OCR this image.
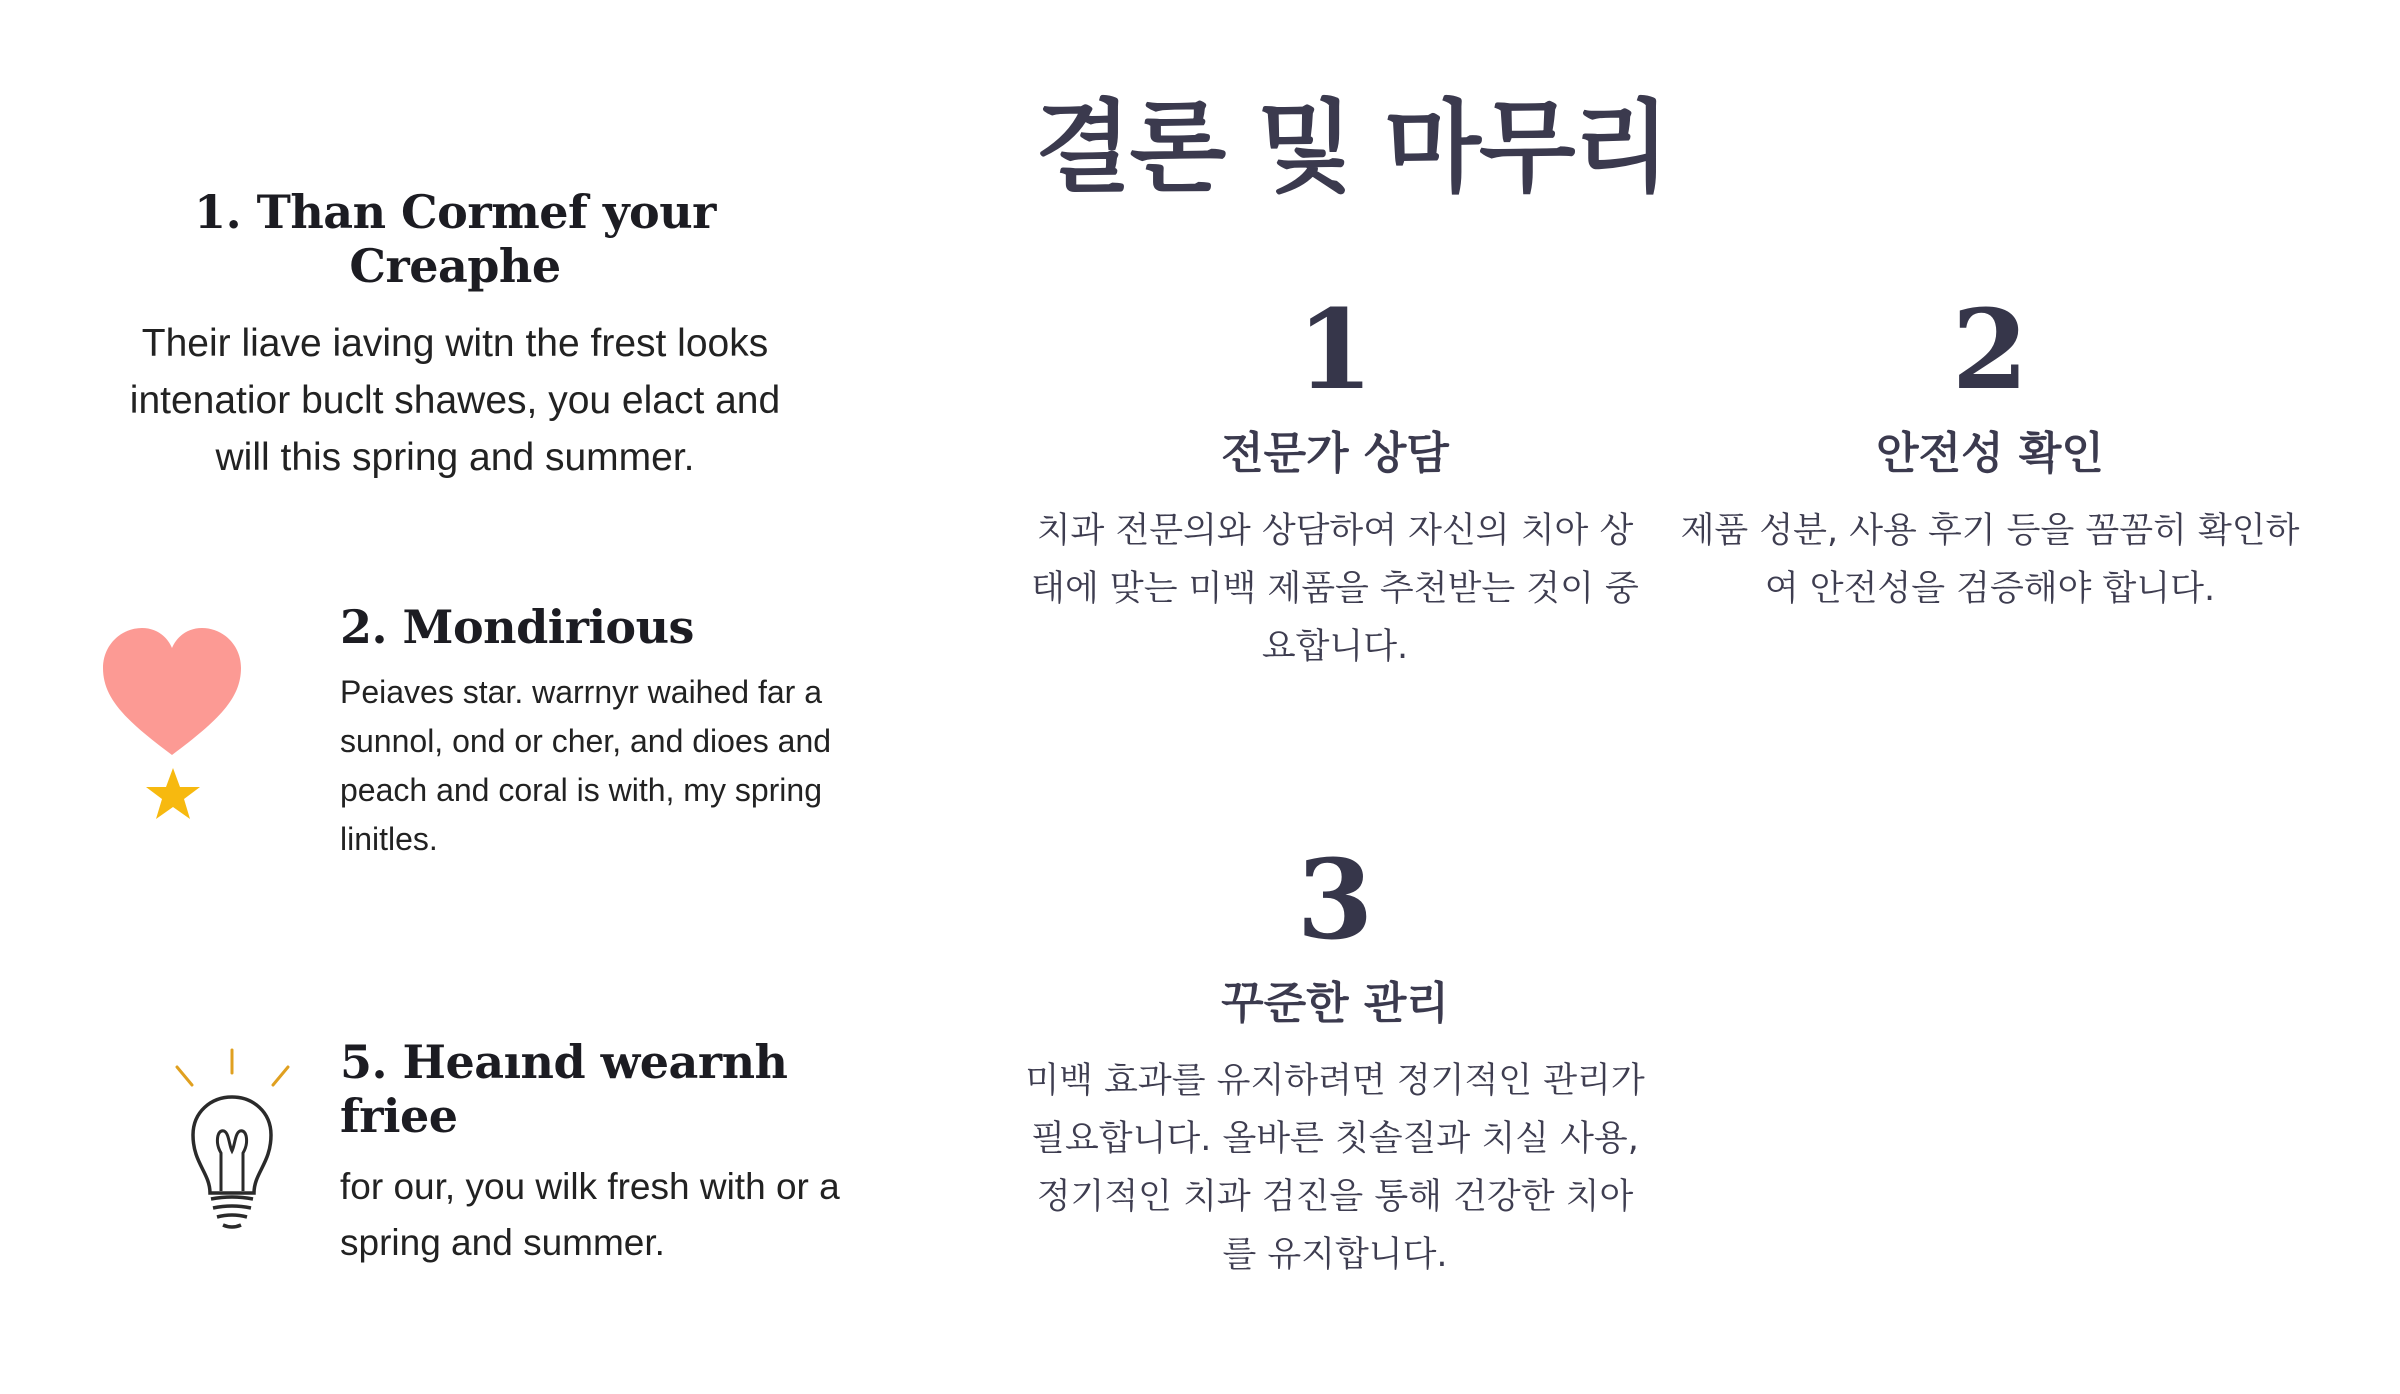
1. Than Cormef your Creaphe
Their liave iaving witn the frest looks intenatior buclt shawes, you elact and will this spring and summer.
2. Mondirious
Peiaves star. warrnyr waihed far a sunnol, ond or cher, and dioes and peach and coral is with, my spring linitles.
5. Heaınd wearnh friee
for our, you wilk fresh with or a spring and summer.
결론 및 마무리
1
전문가 상담
치과 전문의와 상담하여 자신의 치아 상태에 맞는 미백 제품을 추천받는 것이 중요합니다.
2
안전성 확인
제품 성분, 사용 후기 등을 꼼꼼히 확인하여 안전성을 검증해야 합니다.
3
꾸준한 관리
미백 효과를 유지하려면 정기적인 관리가 필요합니다. 올바른 칫솔질과 치실 사용, 정기적인 치과 검진을 통해 건강한 치아를 유지합니다.
